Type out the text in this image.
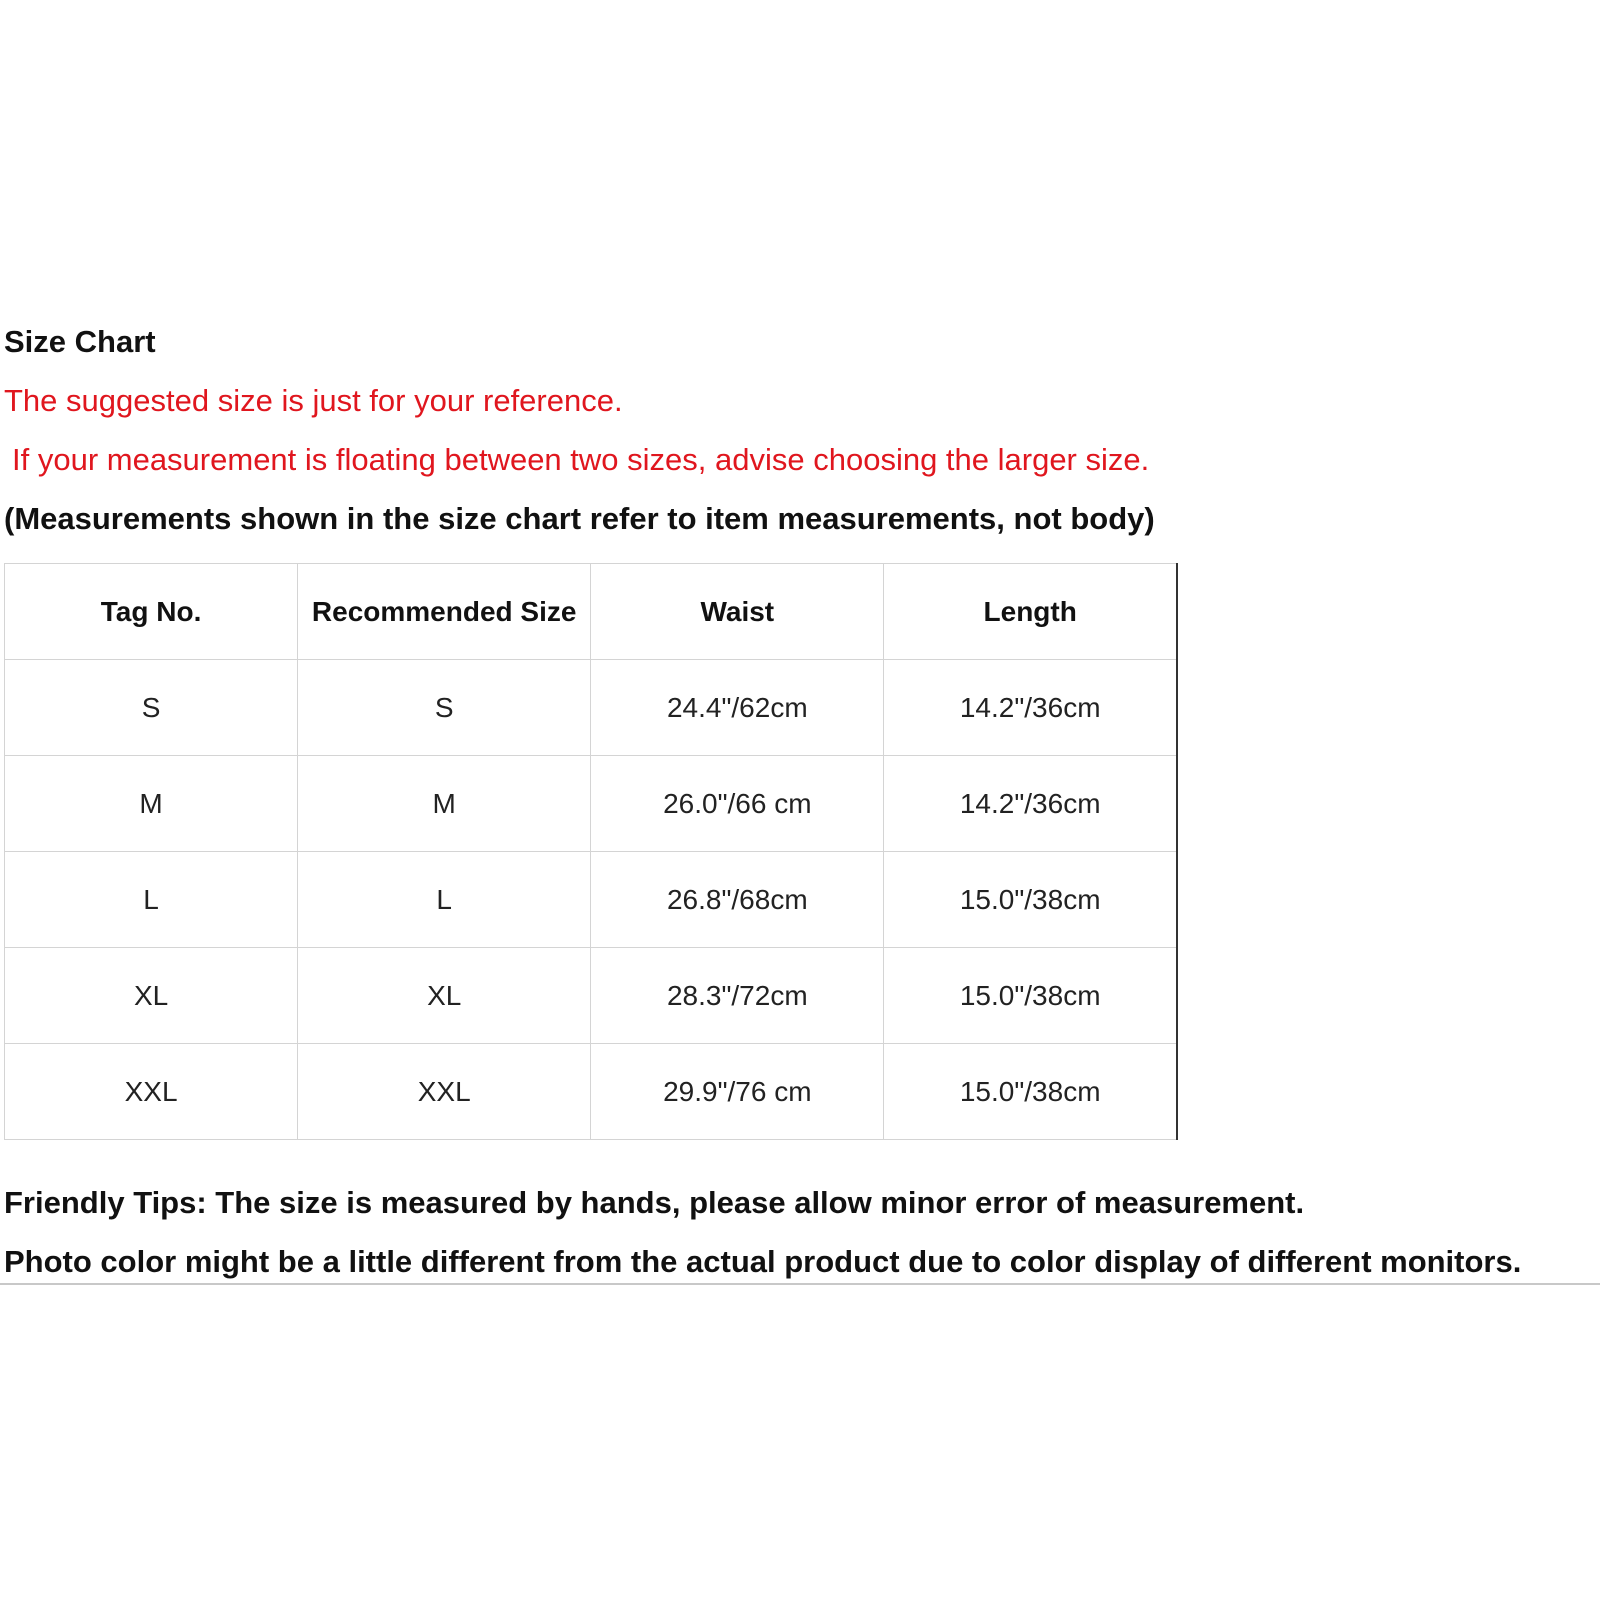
Size Chart
The suggested size is just for your reference.
If your measurement is floating between two sizes, advise choosing the larger size.
(Measurements shown in the size chart refer to item measurements, not body)
Tag No.	Recommended Size	Waist	Length
S	S	24.4"/62cm	14.2"/36cm
M	M	26.0"/66 cm	14.2"/36cm
L	L	26.8"/68cm	15.0"/38cm
XL	XL	28.3"/72cm	15.0"/38cm
XXL	XXL	29.9"/76 cm	15.0"/38cm
Friendly Tips: The size is measured by hands, please allow minor error of measurement.
Photo color might be a little different from the actual product due to color display of different monitors.
